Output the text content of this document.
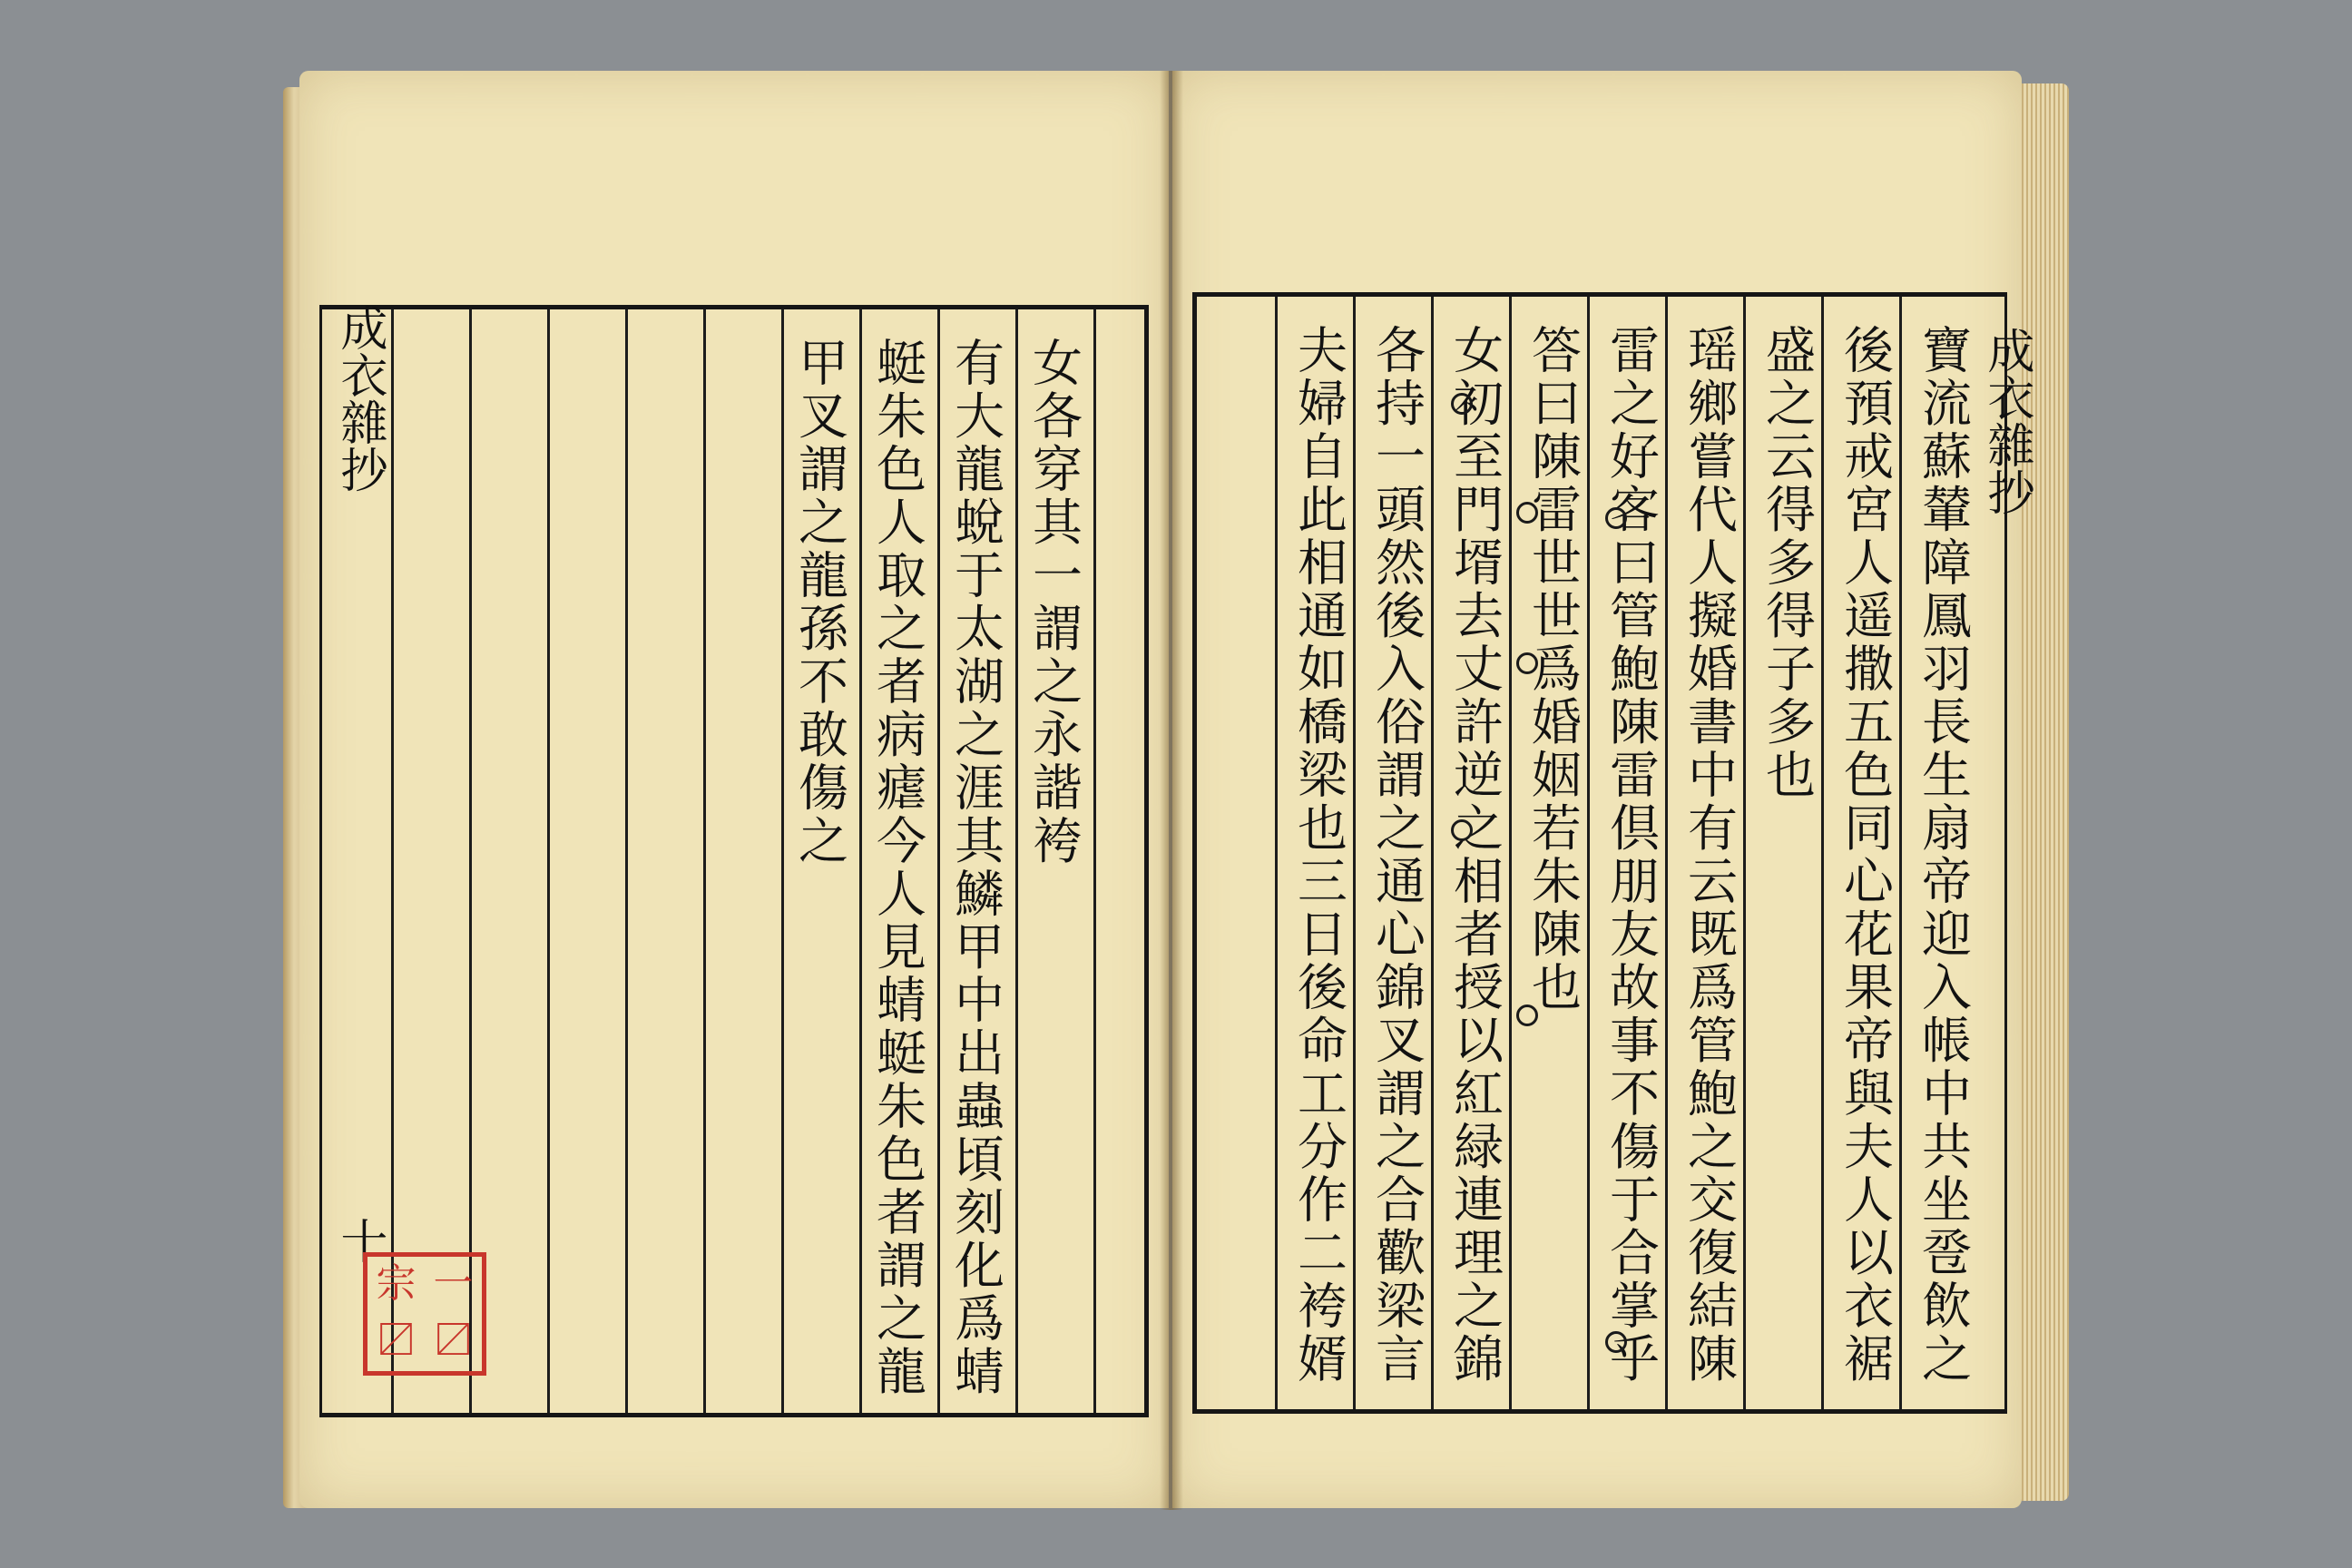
成衣雜抄
十
女各穿其一謂之永諧袴
有大龍蛻于太湖之涯其鱗甲中出蟲頃刻化爲蜻
蜓朱色人取之者病瘧今人見蜻蜓朱色者謂之龍
甲叉謂之龍孫不敢傷之
宗 一
〼 〼	寶流蘇輦障鳳羽長生扇帝迎入帳中共坐卺飲之
後預戒宮人遥撒五色同心花果帝與夫人以衣裾
盛之云得多得子多也
瑶鄉嘗代人擬婚書中有云既爲管鮑之交復結陳
雷之好客曰管鮑陳雷倶朋友故事不傷于合掌乎
答曰陳雷世世爲婚姻若朱陳也
女初至門壻去丈許逆之相者授以紅緑連理之錦
各持一頭然後入俗謂之通心錦叉謂之合歡梁言
夫婦自此相通如橋梁也三日後命工分作二袴婿	成衣雜抄
